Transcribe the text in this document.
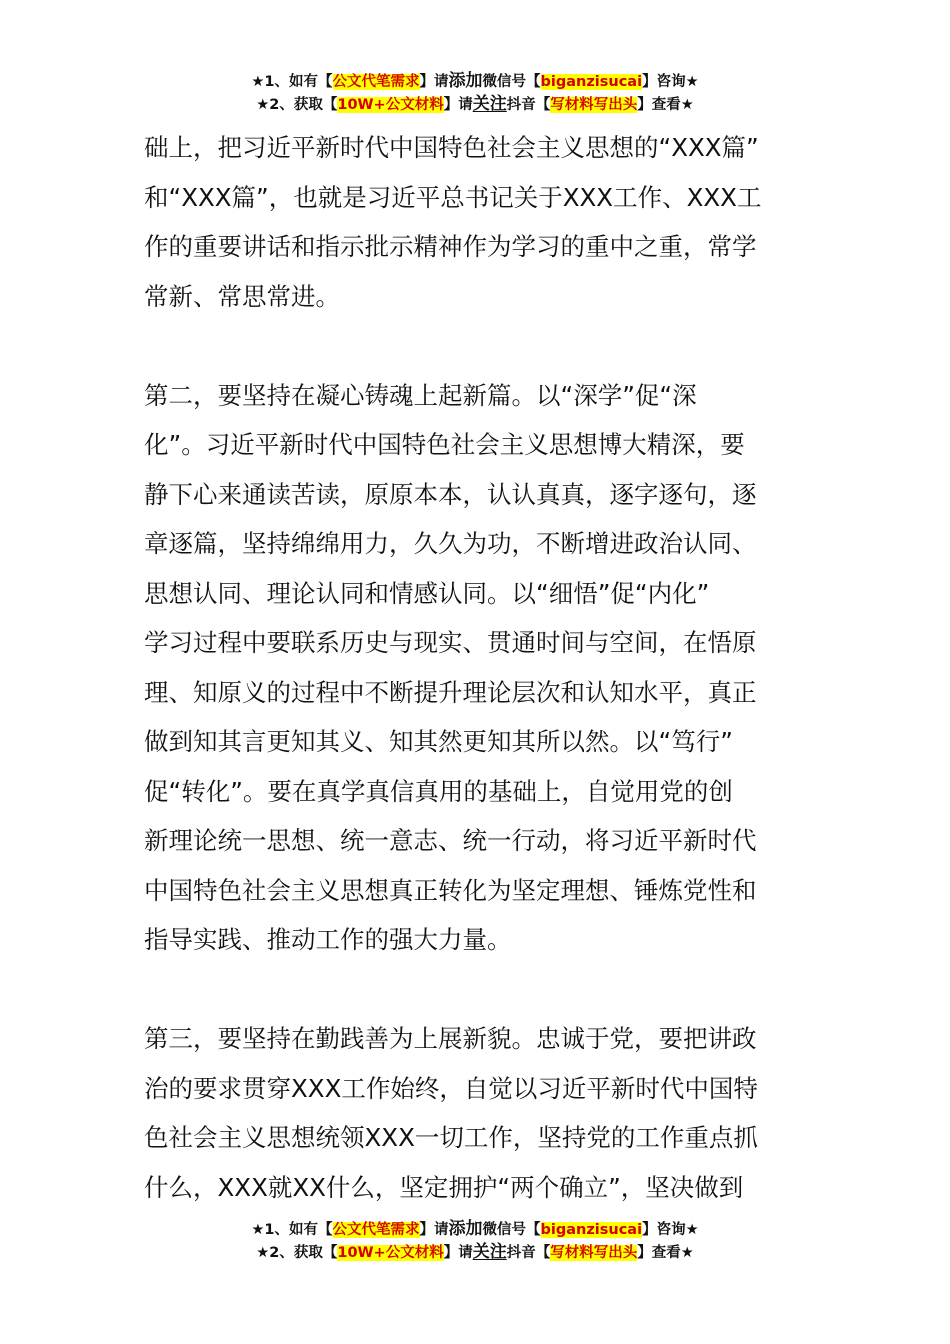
★1、如有【公文代笔需求】请添加微信号【biganzisucai】咨询★
★2、获取【10W+公文材料】请关注抖音【写材料写出头】查看★

础上，把习近平新时代中国特色社会主义思想的“XXX篇”

和“XXX篇”，也就是习近平总书记关于XXX工作、XXX工

作的重要讲话和指示批示精神作为学习的重中之重，常学

常新、常思常进。

第二，要坚持在凝心铸魂上起新篇。以“深学”促“深

化”。习近平新时代中国特色社会主义思想博大精深，要

静下心来通读苦读，原原本本，认认真真，逐字逐句，逐

章逐篇，坚持绵绵用力，久久为功，不断增进政治认同、

思想认同、理论认同和情感认同。以“细悟”促“内化”

学习过程中要联系历史与现实、贯通时间与空间，在悟原

理、知原义的过程中不断提升理论层次和认知水平，真正

做到知其言更知其义、知其然更知其所以然。以“笃行”

促“转化”。要在真学真信真用的基础上，自觉用党的创

新理论统一思想、统一意志、统一行动，将习近平新时代

中国特色社会主义思想真正转化为坚定理想、锤炼党性和

指导实践、推动工作的强大力量。

第三，要坚持在勤践善为上展新貌。忠诚于党，要把讲政

治的要求贯穿XXX工作始终，自觉以习近平新时代中国特

色社会主义思想统领XXX一切工作，坚持党的工作重点抓

什么，XXX就XX什么，坚定拥护“两个确立”，坚决做到

★1、如有【公文代笔需求】请添加微信号【biganzisucai】咨询★
★2、获取【10W+公文材料】请关注抖音【写材料写出头】查看★
